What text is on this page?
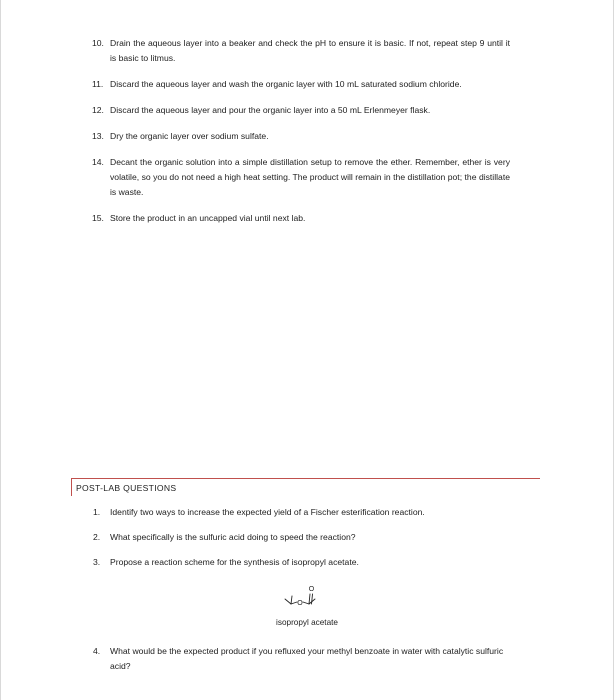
10. Drain the aqueous layer into a beaker and check the pH to ensure it is basic. If not, repeat step 9 until it is basic to litmus.
11. Discard the aqueous layer and wash the organic layer with 10 mL saturated sodium chloride.
12. Discard the aqueous layer and pour the organic layer into a 50 mL Erlenmeyer flask.
13. Dry the organic layer over sodium sulfate.
14. Decant the organic solution into a simple distillation setup to remove the ether. Remember, ether is very volatile, so you do not need a high heat setting. The product will remain in the distillation pot; the distillate is waste.
15. Store the product in an uncapped vial until next lab.
POST-LAB QUESTIONS
1. Identify two ways to increase the expected yield of a Fischer esterification reaction.
2. What specifically is the sulfuric acid doing to speed the reaction?
3. Propose a reaction scheme for the synthesis of isopropyl acetate.
O
O
isopropyl acetate
4. What would be the expected product if you refluxed your methyl benzoate in water with catalytic sulfuric acid?
